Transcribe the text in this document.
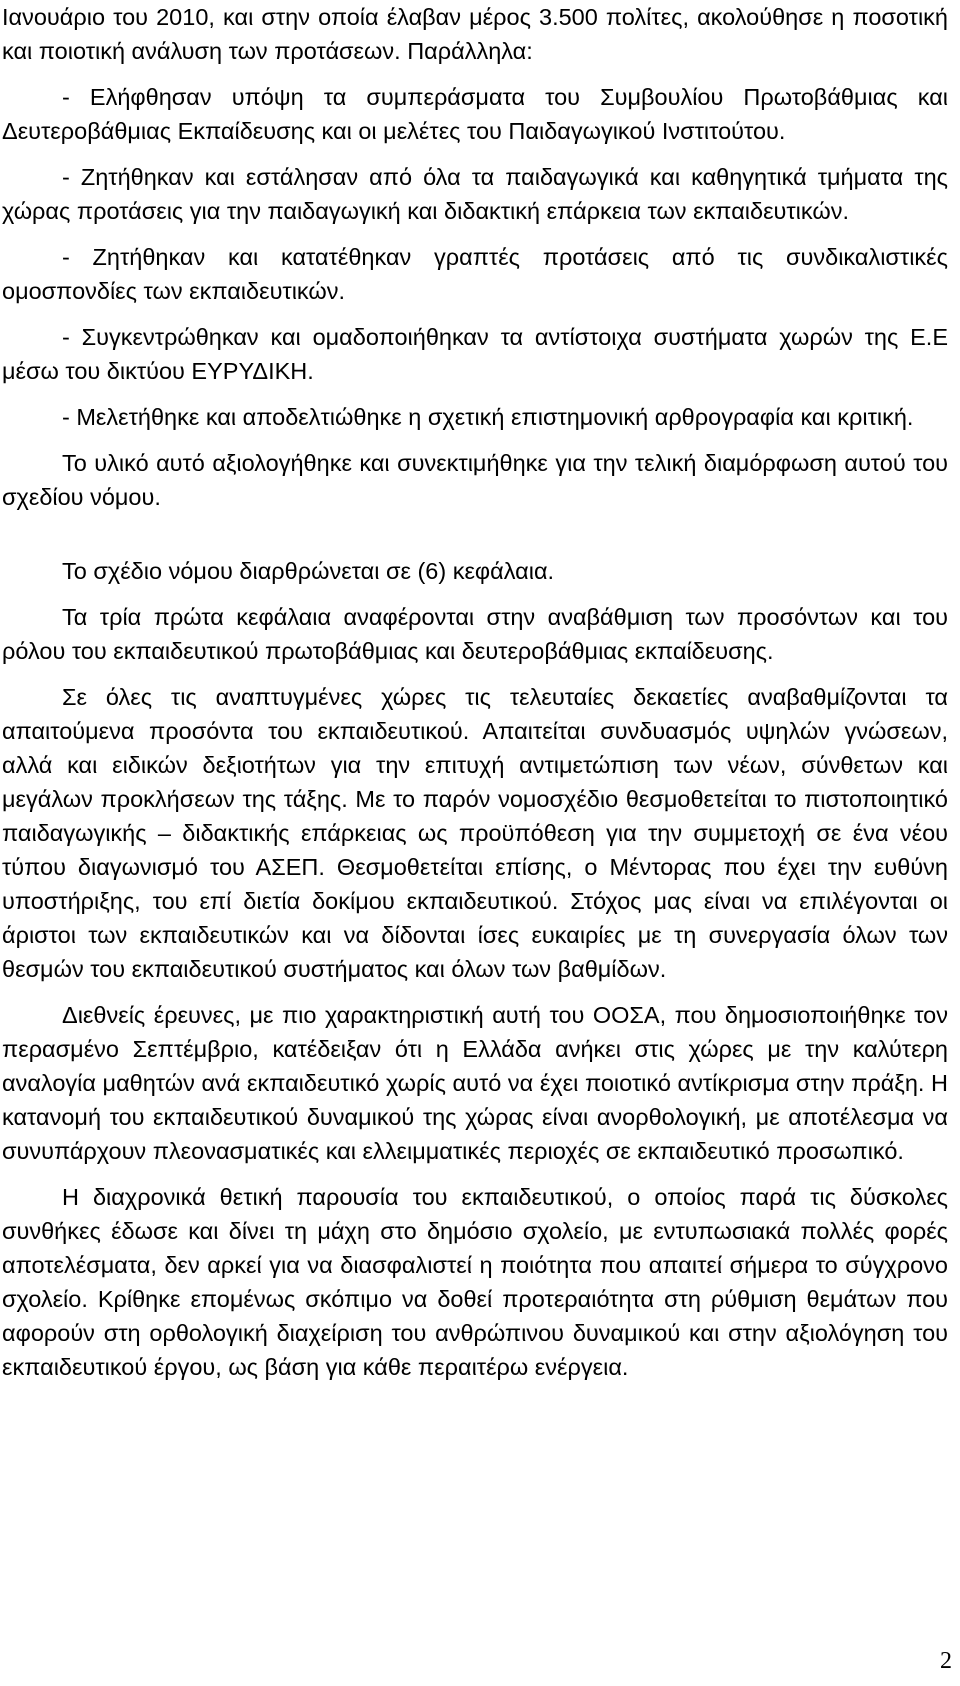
Ιανουάριο του 2010, και στην οποία έλαβαν μέρος 3.500 πολίτες, ακολούθησε η ποσοτική και ποιοτική ανάλυση των προτάσεων. Παράλληλα:

- Ελήφθησαν υπόψη τα συμπεράσματα του Συμβουλίου Πρωτοβάθμιας και Δευτεροβάθμιας Εκπαίδευσης και οι μελέτες του Παιδαγωγικού Ινστιτούτου.

- Ζητήθηκαν και εστάλησαν από όλα τα παιδαγωγικά και καθηγητικά τμήματα της χώρας προτάσεις για την παιδαγωγική και διδακτική επάρκεια των εκπαιδευτικών.

- Ζητήθηκαν και κατατέθηκαν γραπτές προτάσεις από τις συνδικαλιστικές ομοσπονδίες των εκπαιδευτικών.

- Συγκεντρώθηκαν και ομαδοποιήθηκαν τα αντίστοιχα συστήματα χωρών της Ε.Ε μέσω του δικτύου ΕΥΡΥΔΙΚΗ.

- Μελετήθηκε και αποδελτιώθηκε η σχετική επιστημονική αρθρογραφία και κριτική.

Το υλικό αυτό αξιολογήθηκε και συνεκτιμήθηκε για την τελική διαμόρφωση αυτού του σχεδίου νόμου.

Το σχέδιο νόμου διαρθρώνεται σε (6) κεφάλαια.

Τα τρία πρώτα κεφάλαια αναφέρονται στην αναβάθμιση των προσόντων και του ρόλου του εκπαιδευτικού πρωτοβάθμιας και δευτεροβάθμιας εκπαίδευσης.

Σε όλες τις αναπτυγμένες χώρες τις τελευταίες δεκαετίες αναβαθμίζονται τα απαιτούμενα προσόντα του εκπαιδευτικού. Απαιτείται συνδυασμός υψηλών γνώσεων, αλλά και ειδικών δεξιοτήτων για την επιτυχή αντιμετώπιση των νέων, σύνθετων και μεγάλων προκλήσεων της τάξης. Με το παρόν νομοσχέδιο θεσμοθετείται το πιστοποιητικό παιδαγωγικής – διδακτικής επάρκειας ως προϋπόθεση για την συμμετοχή σε ένα νέου τύπου διαγωνισμό του ΑΣΕΠ. Θεσμοθετείται επίσης, ο Μέντορας που έχει την ευθύνη υποστήριξης, του επί διετία δοκίμου εκπαιδευτικού. Στόχος μας είναι να επιλέγονται οι άριστοι των εκπαιδευτικών και να δίδονται ίσες ευκαιρίες με τη συνεργασία όλων των θεσμών του εκπαιδευτικού συστήματος και όλων των βαθμίδων.

Διεθνείς έρευνες, με πιο χαρακτηριστική αυτή του ΟΟΣΑ, που δημοσιοποιήθηκε τον περασμένο Σεπτέμβριο, κατέδειξαν ότι η Ελλάδα ανήκει στις χώρες με την καλύτερη αναλογία μαθητών ανά εκπαιδευτικό χωρίς αυτό να έχει ποιοτικό αντίκρισμα στην πράξη. Η κατανομή του εκπαιδευτικού δυναμικού της χώρας είναι ανορθολογική, με αποτέλεσμα να συνυπάρχουν πλεονασματικές και ελλειμματικές περιοχές σε εκπαιδευτικό προσωπικό.

Η διαχρονικά θετική παρουσία του εκπαιδευτικού, ο οποίος παρά τις δύσκολες συνθήκες έδωσε και δίνει τη μάχη στο δημόσιο σχολείο, με εντυπωσιακά πολλές φορές αποτελέσματα, δεν αρκεί για να διασφαλιστεί η ποιότητα που απαιτεί σήμερα το σύγχρονο σχολείο. Κρίθηκε επομένως σκόπιμο να δοθεί προτεραιότητα στη ρύθμιση θεμάτων που αφορούν στη ορθολογική διαχείριση του ανθρώπινου δυναμικού και στην αξιολόγηση του εκπαιδευτικού έργου, ως βάση για κάθε περαιτέρω ενέργεια.

2
